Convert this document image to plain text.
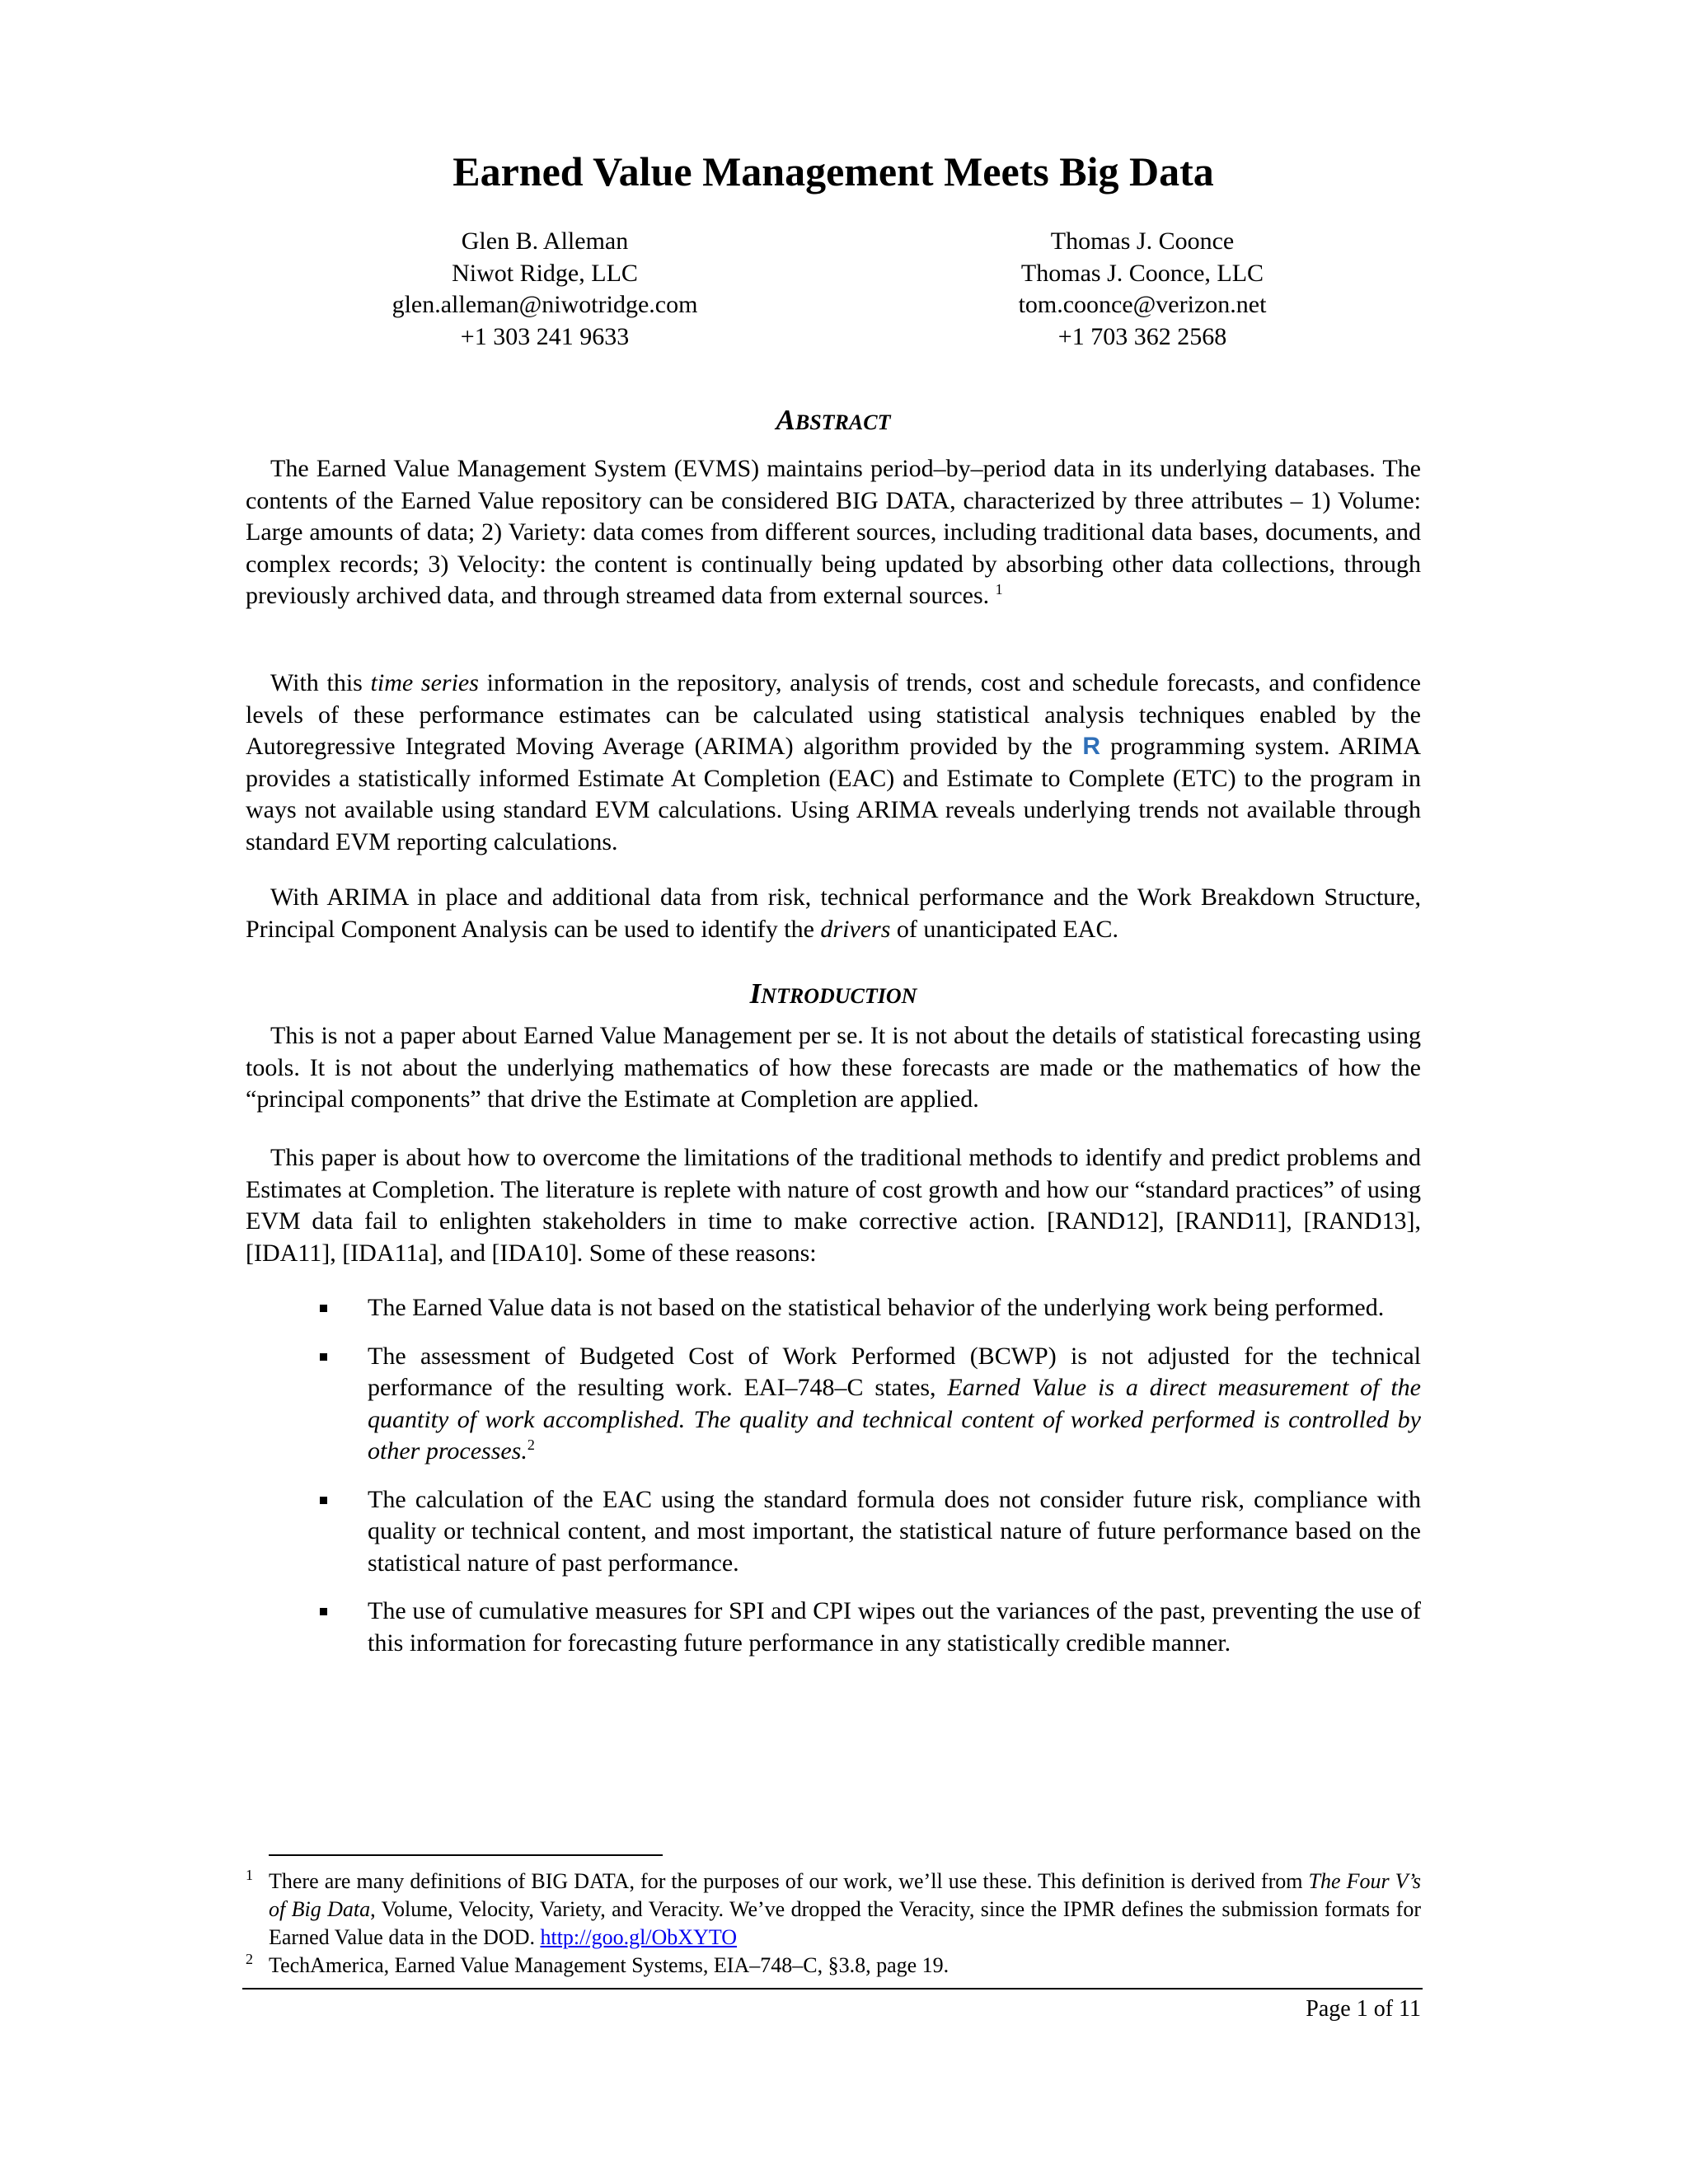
Earned Value Management Meets Big Data
Glen B. Alleman
Niwot Ridge, LLC
glen.alleman@niwotridge.com
+1 303 241 9633
Thomas J. Coonce
Thomas J. Coonce, LLC
tom.coonce@verizon.net
+1 703 362 2568
ABSTRACT

The Earned Value Management System (EVMS) maintains period–by–period data in its underlying databases. The contents of the Earned Value repository can be considered BIG DATA, characterized by three attributes – 1) Volume: Large amounts of data; 2) Variety: data comes from different sources, including traditional data bases, documents, and complex records; 3) Velocity: the content is continually being updated by absorbing other data collections, through previously archived data, and through streamed data from external sources. $^1$

With this time series information in the repository, analysis of trends, cost and schedule forecasts, and confidence levels of these performance estimates can be calculated using statistical analysis techniques enabled by the Autoregressive Integrated Moving Average (ARIMA) algorithm provided by the R programming system. ARIMA provides a statistically informed Estimate At Completion (EAC) and Estimate to Complete (ETC) to the program in ways not available using standard EVM calculations. Using ARIMA reveals underlying trends not available through standard EVM reporting calculations.

With ARIMA in place and additional data from risk, technical performance and the Work Breakdown Structure, Principal Component Analysis can be used to identify the drivers of unanticipated EAC.

INTRODUCTION

This is not a paper about Earned Value Management per se. It is not about the details of statistical forecasting using tools. It is not about the underlying mathematics of how these forecasts are made or the mathematics of how the “principal components” that drive the Estimate at Completion are applied.

This paper is about how to overcome the limitations of the traditional methods to identify and predict problems and Estimates at Completion. The literature is replete with nature of cost growth and how our “standard practices” of using EVM data fail to enlighten stakeholders in time to make corrective action. [RAND12], [RAND11], [RAND13], [IDA11], [IDA11a], and [IDA10]. Some of these reasons:

The Earned Value data is not based on the statistical behavior of the underlying work being performed.
The assessment of Budgeted Cost of Work Performed (BCWP) is not adjusted for the technical performance of the resulting work. EAI–748–C states, Earned Value is a direct measurement of the quantity of work accomplished. The quality and technical content of worked performed is controlled by other processes.$^2$
The calculation of the EAC using the standard formula does not consider future risk, compliance with quality or technical content, and most important, the statistical nature of future performance based on the statistical nature of past performance.
The use of cumulative measures for SPI and CPI wipes out the variances of the past, preventing the use of this information for forecasting future performance in any statistically credible manner.
1 There are many definitions of BIG DATA, for the purposes of our work, we’ll use these. This definition is derived from The Four V’s of Big Data, Volume, Velocity, Variety, and Veracity. We’ve dropped the Veracity, since the IPMR defines the submission formats for Earned Value data in the DOD. http://goo.gl/ObXYTO
2 TechAmerica, Earned Value Management Systems, EIA–748–C, §3.8, page 19.
Page 1 of 11
